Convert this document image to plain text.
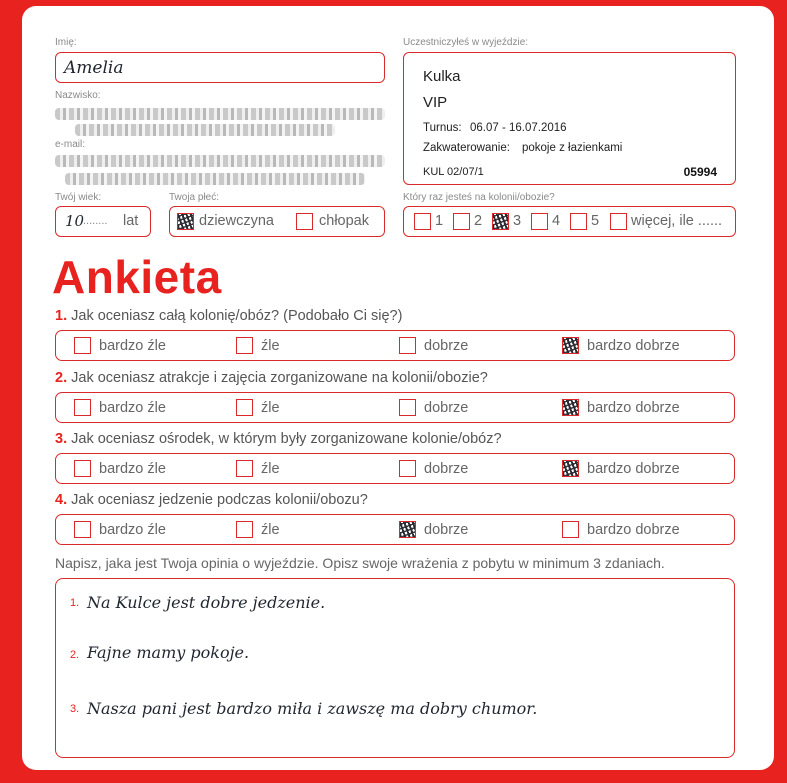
Imię:
Amelia
Nazwisko:
e-mail:
Twój wiek:
10
........ lat
Twoja płeć:
dziewczyna	chłopak
Uczestniczyłeś w wyjeździe:
Kulka
VIP
Turnus: 06.07 - 16.07.2016
Zakwaterowanie: pokoje z łazienkami
KUL 02/07/1	05994
Który raz jesteś na kolonii/obozie?
1 2 3 4 5 więcej, ile ......
Ankieta
1. Jak oceniasz całą kolonię/obóz? (Podobało Ci się?)
bardzo źle	źle	dobrze	bardzo dobrze
2. Jak oceniasz atrakcje i zajęcia zorganizowane na kolonii/obozie?
bardzo źle	źle	dobrze	bardzo dobrze
3. Jak oceniasz ośrodek, w którym były zorganizowane kolonie/obóz?
bardzo źle	źle	dobrze	bardzo dobrze
4. Jak oceniasz jedzenie podczas kolonii/obozu?
bardzo źle	źle	dobrze	bardzo dobrze
Napisz, jaka jest Twoja opinia o wyjeździe. Opisz swoje wrażenia z pobytu w minimum 3 zdaniach.
1. Na Kulce jest dobre jedzenie.
2. Fajne mamy pokoje.
3. Nasza pani jest bardzo miła i zawszę ma dobry chumor.
